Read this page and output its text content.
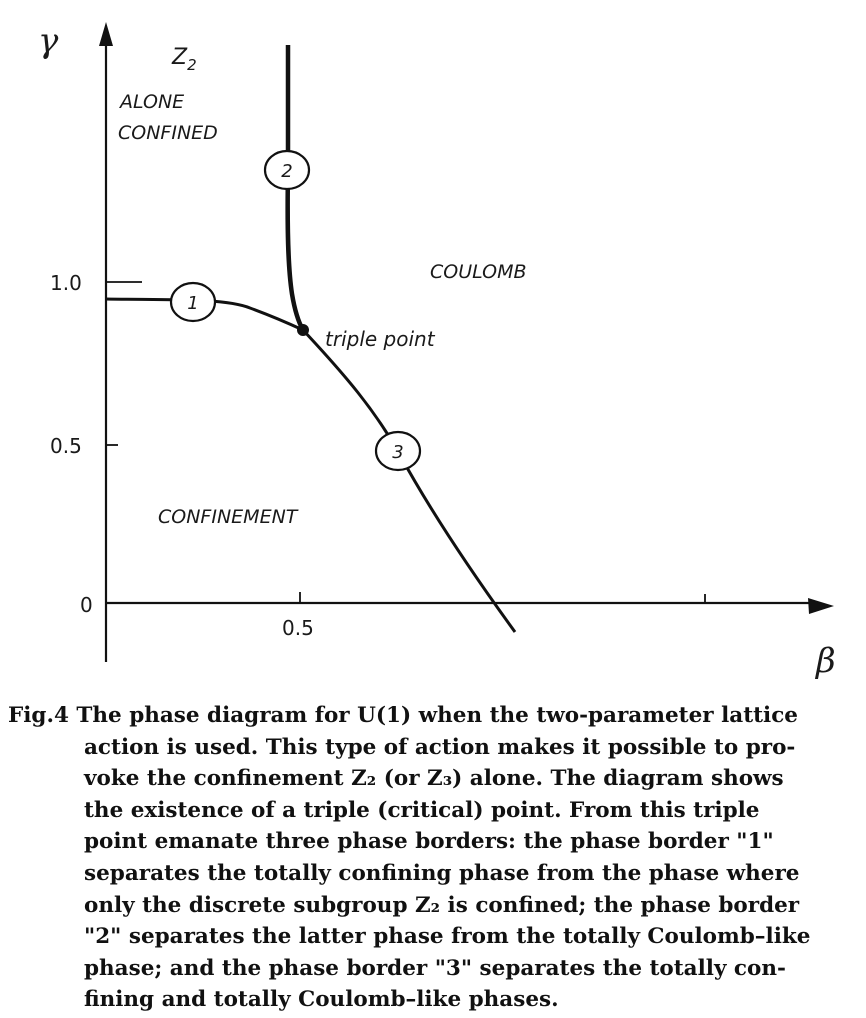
γ
β
1.0
0.5
0
0.5
triple point
1
2
3
$Z_2$
ALONE
CONFINED
COULOMB
CONFINEMENT
Fig.4 The phase diagram for U(1) when the two-parameter lattice
action is used. This type of action makes it possible to pro-
voke the confinement Z₂ (or Z₃) alone. The diagram shows
the existence of a triple (critical) point. From this triple
point emanate three phase borders: the phase border "1"
separates the totally confining phase from the phase where
only the discrete subgroup Z₂ is confined; the phase border
"2" separates the latter phase from the totally Coulomb–like
phase; and the phase border "3" separates the totally con-
fining and totally Coulomb–like phases.
